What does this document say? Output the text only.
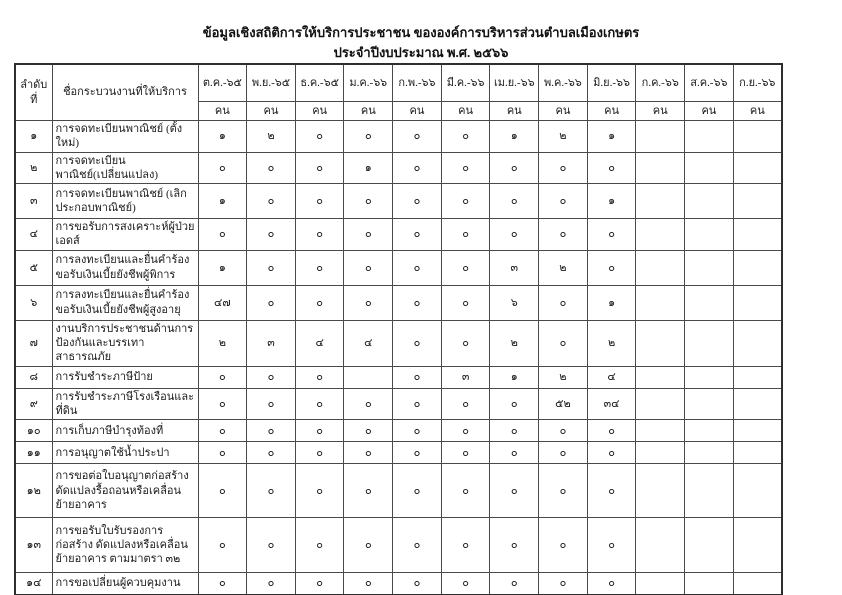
ข้อมูลเชิงสถิติการให้บริการประชาชน ขององค์การบริหารส่วนตำบลเมืองเกษตร
ประจำปีงบประมาณ พ.ศ. ๒๕๖๖
ลำดับที่	ชื่อกระบวนงานที่ให้บริการ	ต.ค.-๖๕	พ.ย.-๖๕	ธ.ค.-๖๕	ม.ค.-๖๖	ก.พ.-๖๖	มี.ค.-๖๖	เม.ย.-๖๖	พ.ค.-๖๖	มิ.ย.-๖๖	ก.ค.-๖๖	ส.ค.-๖๖	ก.ย.-๖๖
		คน	คน	คน	คน	คน	คน	คน	คน	คน	คน	คน	คน
๑	การจดทะเบียนพาณิชย์ (ตั้งใหม่)	๑	๒	๐	๐	๐	๐	๑	๒	๑			
๒	การจดทะเบียนพาณิชย์(เปลี่ยนแปลง)	๐	๐	๐	๑	๐	๐	๐	๐	๐			
๓	การจดทะเบียนพาณิชย์ (เลิก​ประกอบพาณิชย์)	๑	๐	๐	๐	๐	๐	๐	๐	๑			
๔	การขอรับการสงเคราะห์ผู้ป่วยเอดส์	๐	๐	๐	๐	๐	๐	๐	๐	๐			
๕	การลงทะเบียนและยื่นคำร้องขอรับ​เงินเบี้ยยังชีพผู้พิการ	๑	๐	๐	๐	๐	๐	๓	๒	๐			
๖	การลงทะเบียนและยื่นคำร้องขอรับ​เงินเบี้ยยังชีพผู้สูงอายุ	๔๗	๐	๐	๐	๐	๐	๖	๐	๑			
๗	งานบริการประชาชนด้านการป้องกัน​และบรรเทาสาธารณภัย	๒	๓	๔	๔	๐	๐	๒	๐	๒			
๘	การรับชำระภาษีป้าย	๐	๐	๐		๐	๓	๑	๒	๔			
๙	การรับชำระภาษีโรงเรือนและที่ดิน	๐	๐	๐	๐	๐	๐	๐	๕๒	๓๔			
๑๐	การเก็บภาษีบำรุงท้องที่	๐	๐	๐	๐	๐	๐	๐	๐	๐			
๑๑	การอนุญาตใช้น้ำประปา	๐	๐	๐	๐	๐	๐	๐	๐	๐			
๑๒	การขอต่อใบอนุญาตก่อสร้าง ดัดแปลงรื้อถอนหรือเคลื่อนย้ายอาคาร	๐	๐	๐	๐	๐	๐	๐	๐	๐			
๑๓	การขอรับใบรับรองการก่อสร้าง ดัดแปลงหรือเคลื่อนย้ายอาคาร ตาม​มาตรา ๓๒	๐	๐	๐	๐	๐	๐	๐	๐	๐			
๑๔	การขอเปลี่ยนผู้ควบคุมงาน	๐	๐	๐	๐	๐	๐	๐	๐	๐			
